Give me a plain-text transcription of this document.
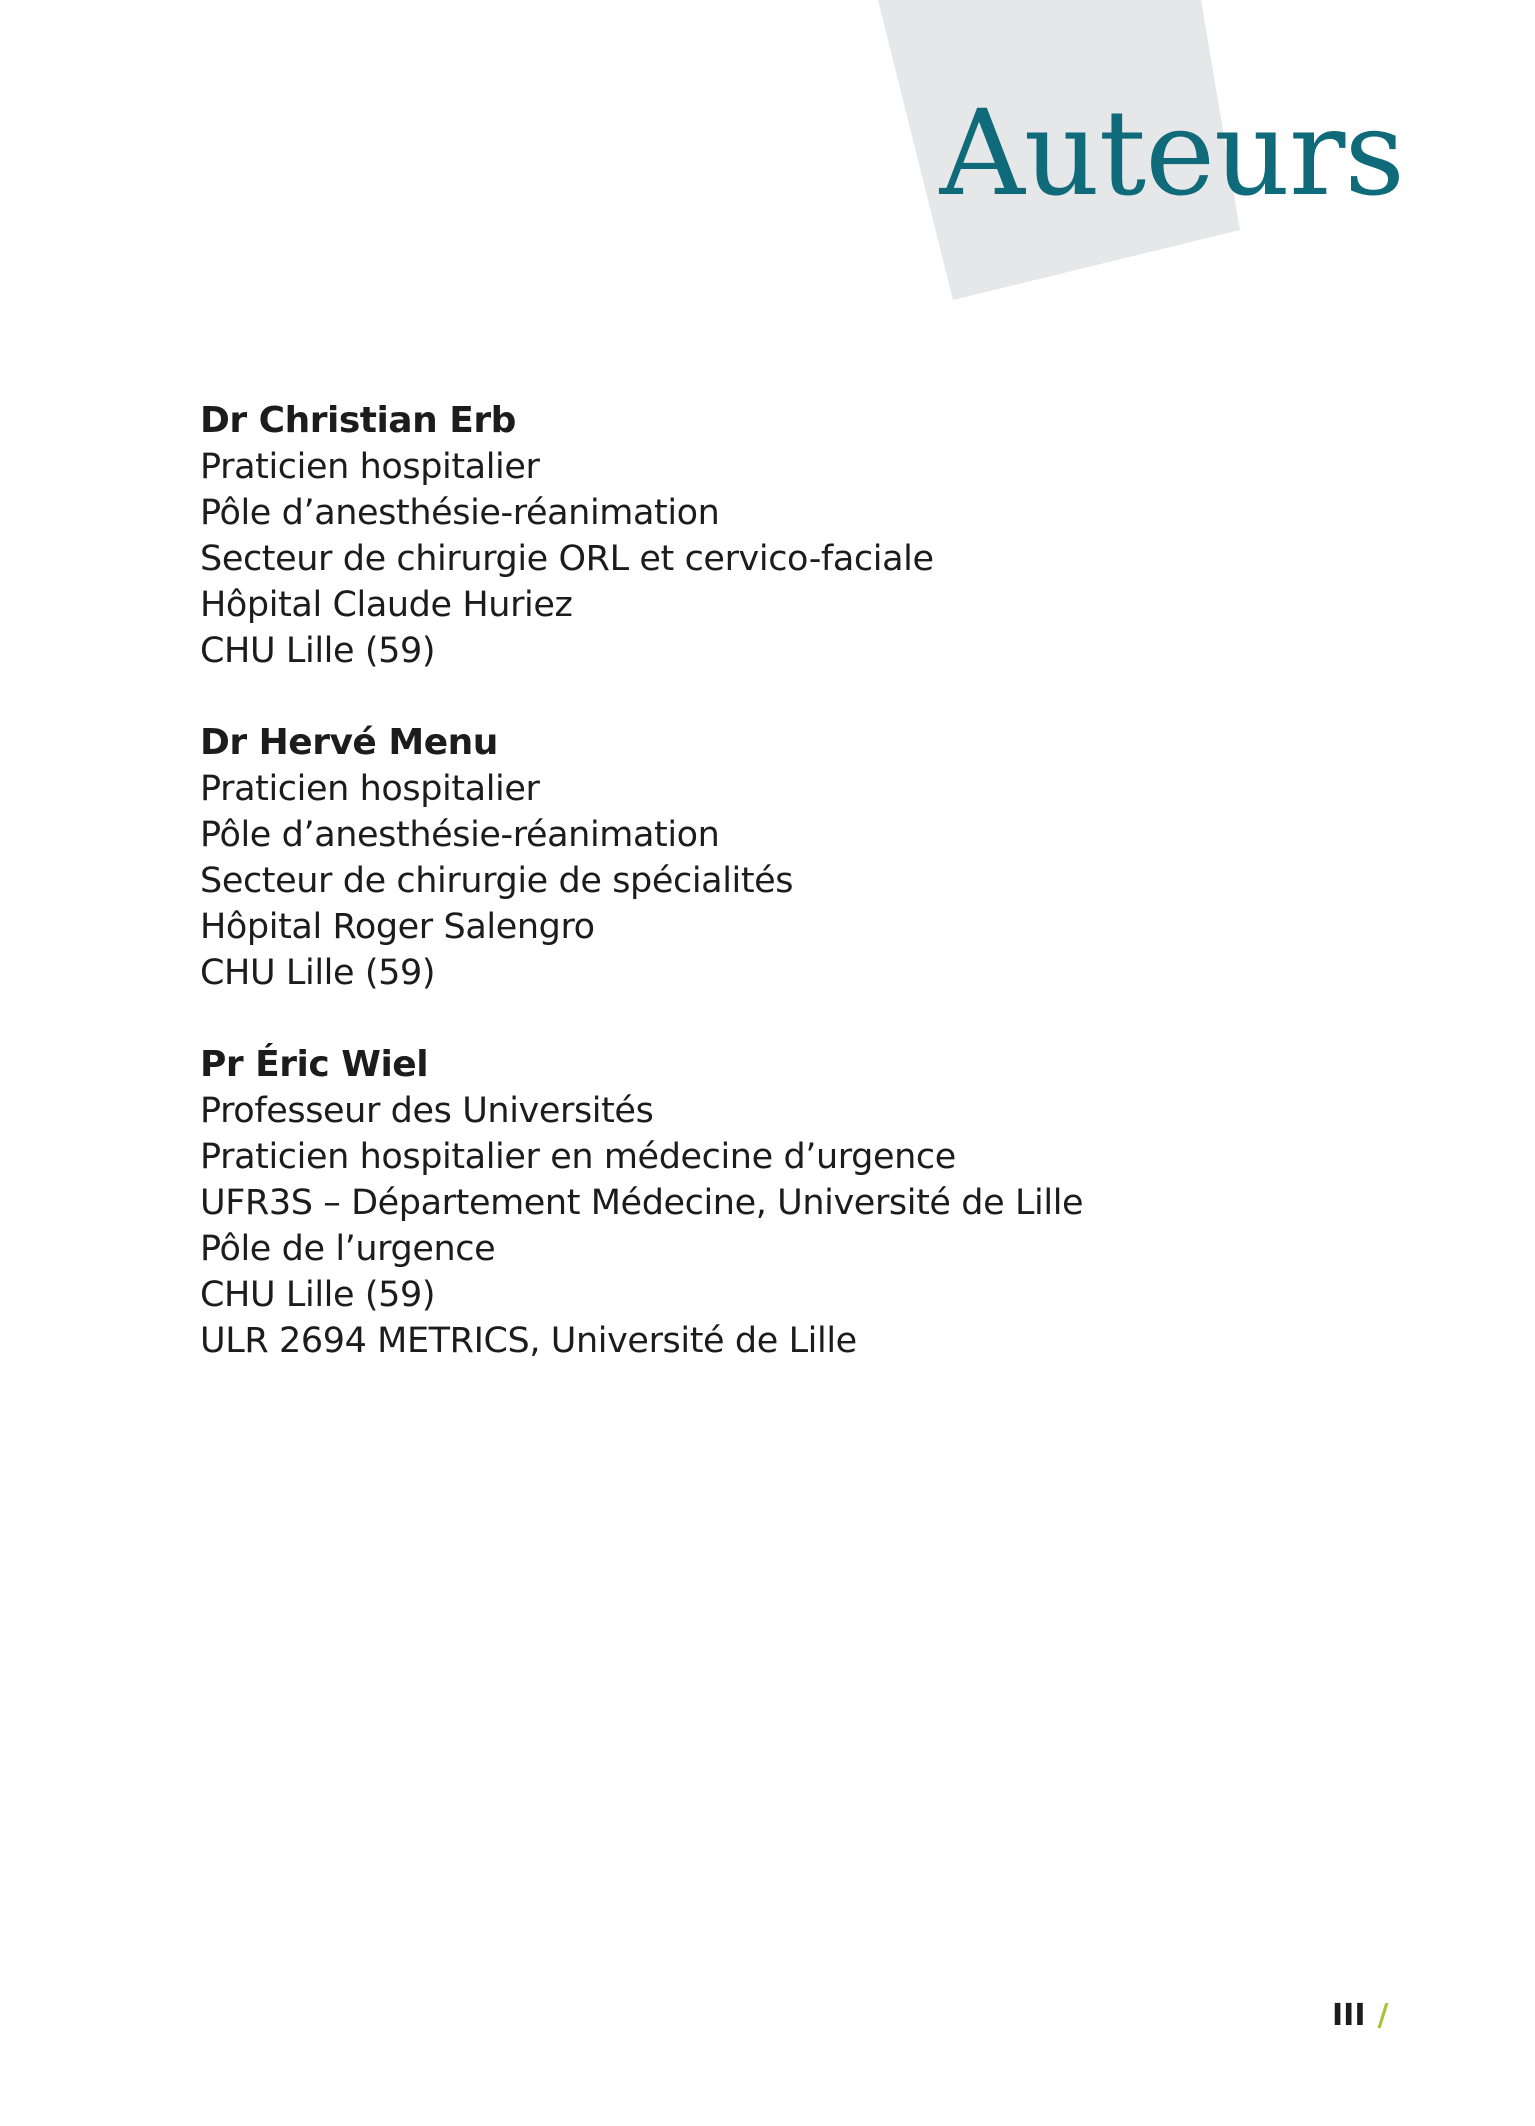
Auteurs
Dr Christian Erb
Praticien hospitalier
Pôle d’anesthésie-réanimation
Secteur de chirurgie ORL et cervico-faciale
Hôpital Claude Huriez
CHU Lille (59)
Dr Hervé Menu
Praticien hospitalier
Pôle d’anesthésie-réanimation
Secteur de chirurgie de spécialités
Hôpital Roger Salengro
CHU Lille (59)
Pr Éric Wiel
Professeur des Universités
Praticien hospitalier en médecine d’urgence
UFR3S – Département Médecine, Université de Lille
Pôle de l’urgence
CHU Lille (59)
ULR 2694 METRICS, Université de Lille
III /
